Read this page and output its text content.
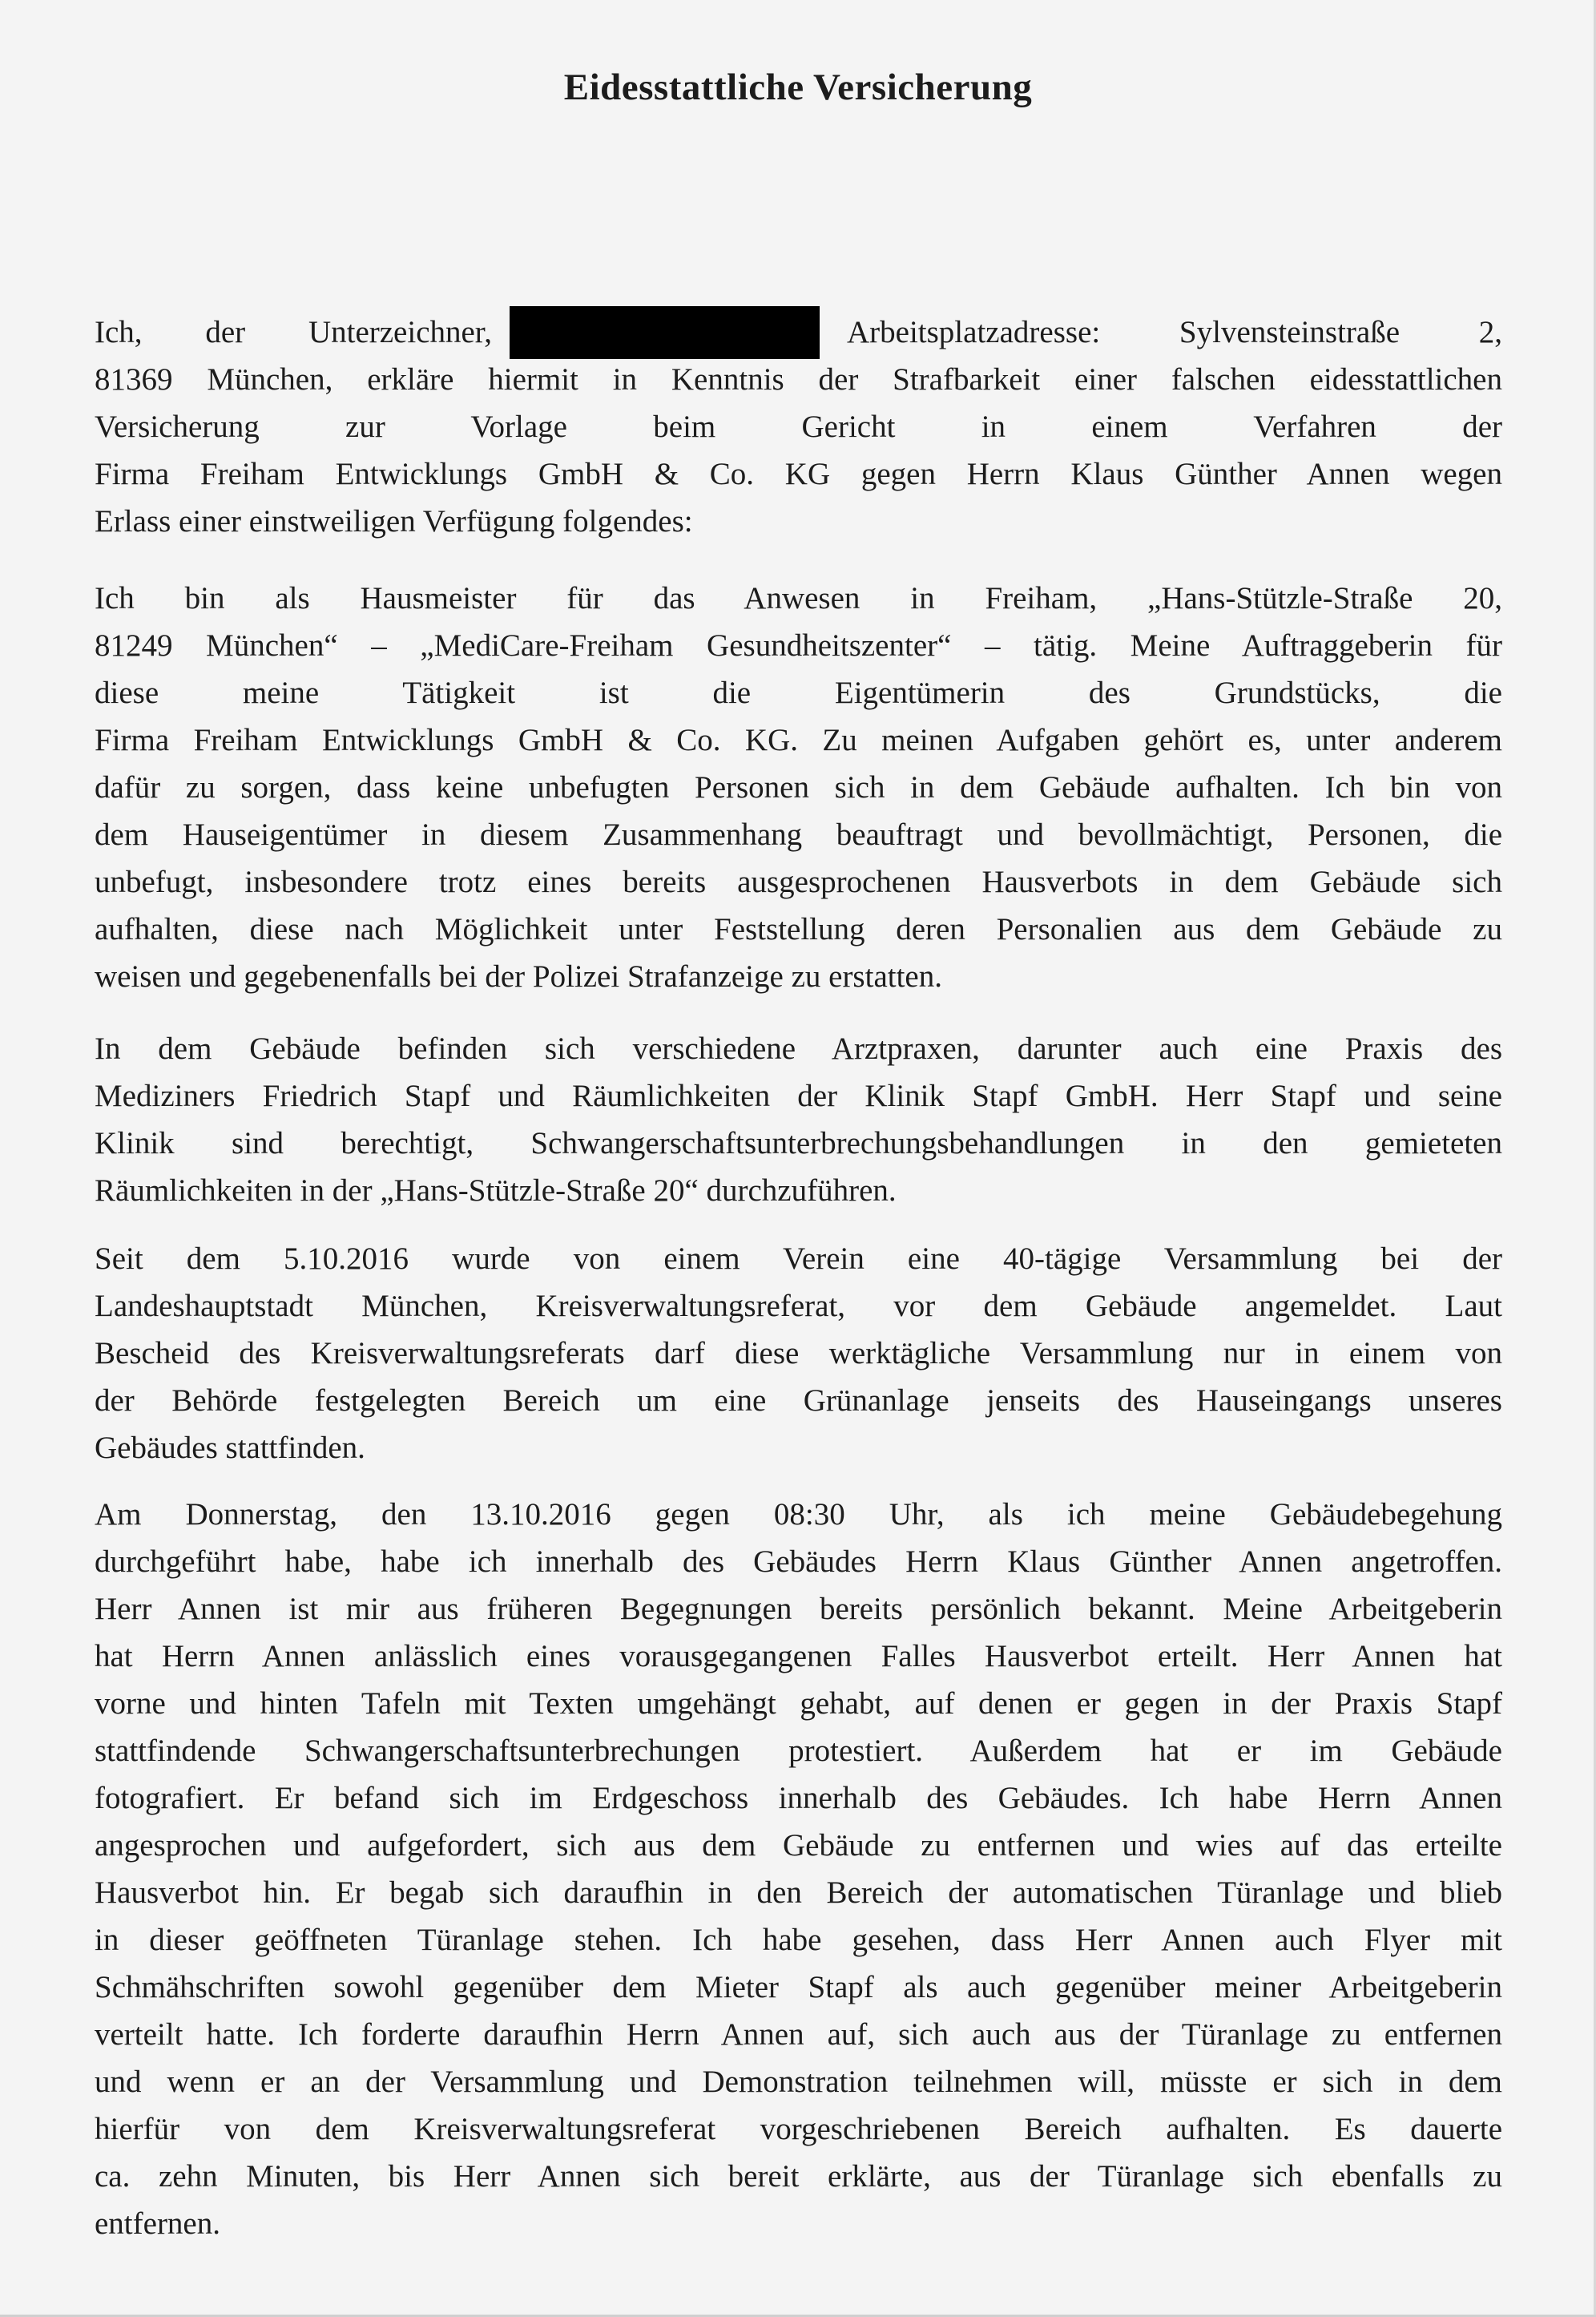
Eidesstattliche Versicherung
Ich, der Unterzeichner,	Arbeitsplatzadresse: Sylvensteinstraße 2,
81369 München, erkläre hiermit in Kenntnis der Strafbarkeit einer falschen eidesstattlichen
Versicherung zur Vorlage beim Gericht in einem Verfahren der
Firma Freiham Entwicklungs GmbH & Co. KG gegen Herrn Klaus Günther Annen wegen
Erlass einer einstweiligen Verfügung folgendes:
Ich bin als Hausmeister für das Anwesen in Freiham, „Hans-Stützle-Straße 20,
81249 München“ – „MediCare-Freiham Gesundheitszenter“ – tätig. Meine Auftraggeberin für
diese meine Tätigkeit ist die Eigentümerin des Grundstücks, die
Firma Freiham Entwicklungs GmbH & Co. KG. Zu meinen Aufgaben gehört es, unter anderem
dafür zu sorgen, dass keine unbefugten Personen sich in dem Gebäude aufhalten. Ich bin von
dem Hauseigentümer in diesem Zusammenhang beauftragt und bevollmächtigt, Personen, die
unbefugt, insbesondere trotz eines bereits ausgesprochenen Hausverbots in dem Gebäude sich
aufhalten, diese nach Möglichkeit unter Feststellung deren Personalien aus dem Gebäude zu
weisen und gegebenenfalls bei der Polizei Strafanzeige zu erstatten.
In dem Gebäude befinden sich verschiedene Arztpraxen, darunter auch eine Praxis des
Mediziners Friedrich Stapf und Räumlichkeiten der Klinik Stapf GmbH. Herr Stapf und seine
Klinik sind berechtigt, Schwangerschaftsunterbrechungsbehandlungen in den gemieteten
Räumlichkeiten in der „Hans-Stützle-Straße 20“ durchzuführen.
Seit dem 5.10.2016 wurde von einem Verein eine 40-tägige Versammlung bei der
Landeshauptstadt München, Kreisverwaltungsreferat, vor dem Gebäude angemeldet. Laut
Bescheid des Kreisverwaltungsreferats darf diese werktägliche Versammlung nur in einem von
der Behörde festgelegten Bereich um eine Grünanlage jenseits des Hauseingangs unseres
Gebäudes stattfinden.
Am Donnerstag, den 13.10.2016 gegen 08:30 Uhr, als ich meine Gebäudebegehung
durchgeführt habe, habe ich innerhalb des Gebäudes Herrn Klaus Günther Annen angetroffen.
Herr Annen ist mir aus früheren Begegnungen bereits persönlich bekannt. Meine Arbeitgeberin
hat Herrn Annen anlässlich eines vorausgegangenen Falles Hausverbot erteilt. Herr Annen hat
vorne und hinten Tafeln mit Texten umgehängt gehabt, auf denen er gegen in der Praxis Stapf
stattfindende Schwangerschaftsunterbrechungen protestiert. Außerdem hat er im Gebäude
fotografiert. Er befand sich im Erdgeschoss innerhalb des Gebäudes. Ich habe Herrn Annen
angesprochen und aufgefordert, sich aus dem Gebäude zu entfernen und wies auf das erteilte
Hausverbot hin. Er begab sich daraufhin in den Bereich der automatischen Türanlage und blieb
in dieser geöffneten Türanlage stehen. Ich habe gesehen, dass Herr Annen auch Flyer mit
Schmähschriften sowohl gegenüber dem Mieter Stapf als auch gegenüber meiner Arbeitgeberin
verteilt hatte. Ich forderte daraufhin Herrn Annen auf, sich auch aus der Türanlage zu entfernen
und wenn er an der Versammlung und Demonstration teilnehmen will, müsste er sich in dem
hierfür von dem Kreisverwaltungsreferat vorgeschriebenen Bereich aufhalten. Es dauerte
ca. zehn Minuten, bis Herr Annen sich bereit erklärte, aus der Türanlage sich ebenfalls zu
entfernen.
